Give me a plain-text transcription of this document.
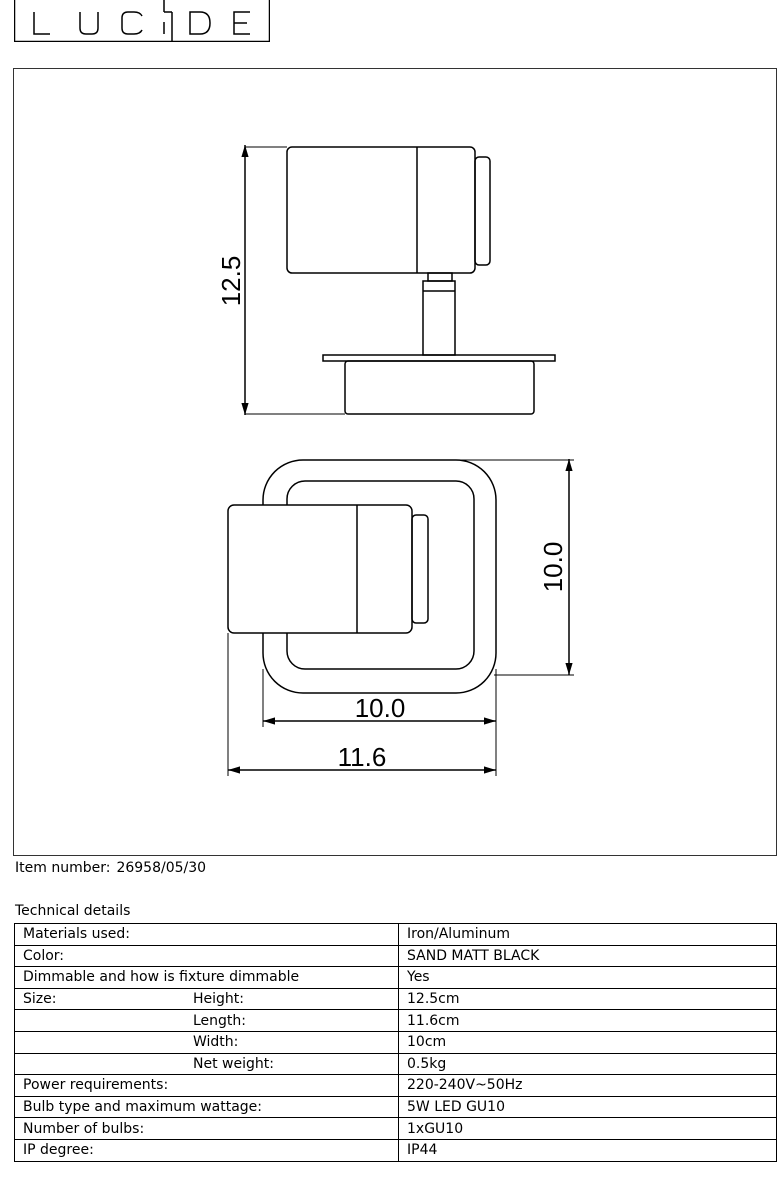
12.5
10.0
10.0
11.6
Item number: 26958/05/30
Technical details
Materials used:	Iron/Aluminum
Color:	SAND MATT BLACK
Dimmable and how is fixture dimmable	Yes
Size: Height:	12.5cm
Length:	11.6cm
Width:	10cm
Net weight:	0.5kg
Power requirements:	220-240V~50Hz
Bulb type and maximum wattage:	5W LED GU10
Number of bulbs:	1xGU10
IP degree:	IP44
